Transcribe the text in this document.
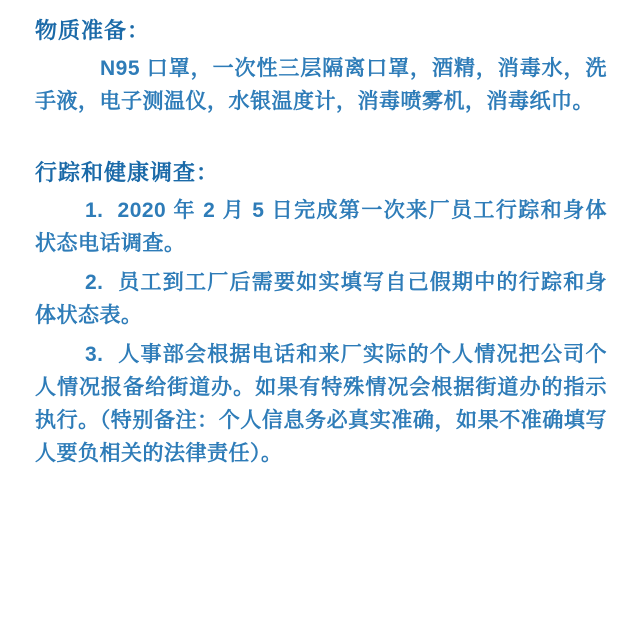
物质准备：

N95 口罩，一次性三层隔离口罩，酒精，消毒水，洗手液，电子测温仪，水银温度计，消毒喷雾机，消毒纸巾。

行踪和健康调查：

1. 2020 年 2 月 5 日完成第一次来厂员工行踪和身体状态电话调查。

2. 员工到工厂后需要如实填写自己假期中的行踪和身体状态表。

3. 人事部会根据电话和来厂实际的个人情况把公司个人情况报备给街道办。如果有特殊情况会根据街道办的指示执行。（特别备注：个人信息务必真实准确，如果不准确填写人要负相关的法律责任）。
